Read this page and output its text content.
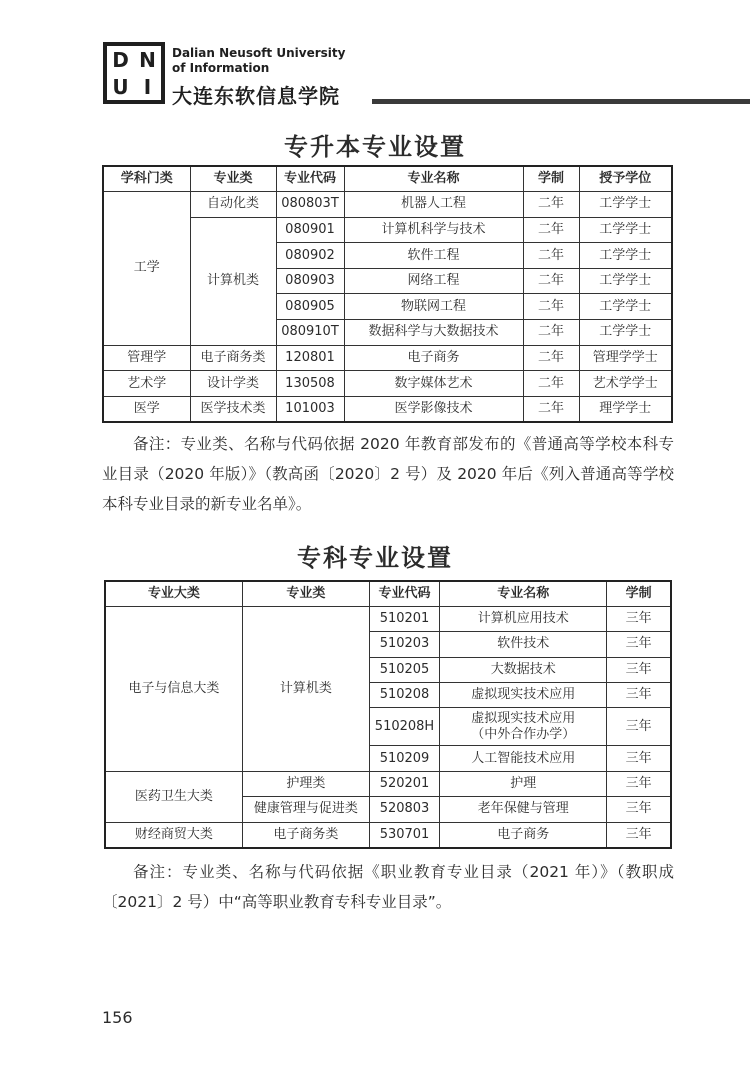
D N
U I
Dalian Neusoft University
of Information
大连东软信息学院
专升本专业设置
学科门类	专业类	专业代码	专业名称	学制	授予学位
工学	自动化类	080803T	机器人工程	二年	工学学士
	计算机类	080901	计算机科学与技术	二年	工学学士
		080902	软件工程	二年	工学学士
		080903	网络工程	二年	工学学士
		080905	物联网工程	二年	工学学士
		080910T	数据科学与大数据技术	二年	工学学士
管理学	电子商务类	120801	电子商务	二年	管理学学士
艺术学	设计学类	130508	数字媒体艺术	二年	艺术学学士
医学	医学技术类	101003	医学影像技术	二年	理学学士

备注：专业类、名称与代码依据 2020 年教育部发布的《普通高等学校本科专业目录（2020 年版）》（教高函〔2020〕2 号）及 2020 年后《列入普通高等学校本科专业目录的新专业名单》。

专科专业设置
专业大类	专业类	专业代码	专业名称	学制
电子与信息大类	计算机类	510201	计算机应用技术	三年
		510203	软件技术	三年
		510205	大数据技术	三年
		510208	虚拟现实技术应用	三年
		510208H	虚拟现实技术应用
（中外合作办学）	三年
		510209	人工智能技术应用	三年
医药卫生大类	护理类	520201	护理	三年
	健康管理与促进类	520803	老年保健与管理	三年
财经商贸大类	电子商务类	530701	电子商务	三年

备注：专业类、名称与代码依据《职业教育专业目录（2021 年）》（教职成〔2021〕2 号）中“高等职业教育专科专业目录”。

156
